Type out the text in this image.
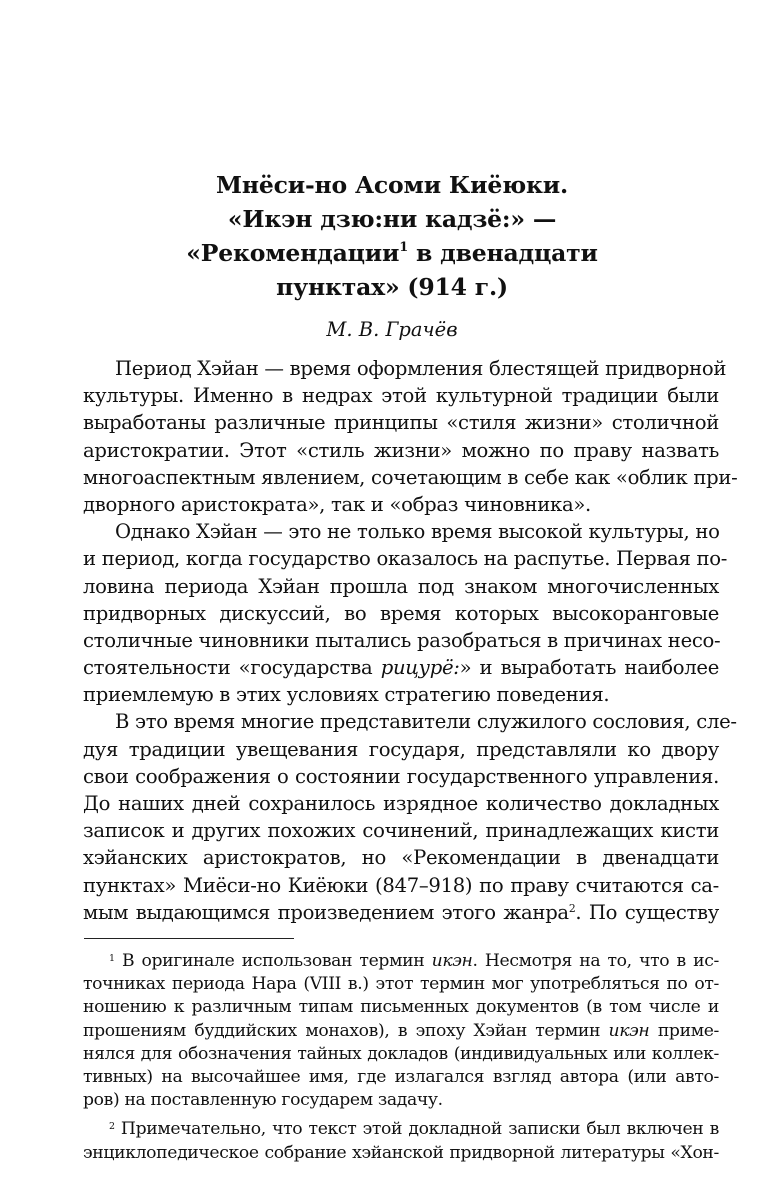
Мнёси-но Асоми Киёюки.
«Икэн дзю:ни кадзё:» —
«Рекомендации$^1$ в двенадцати
пунктах» (914 г.)
М. В. Грачёв
Период Хэйан — время оформления блестящей придворной
культуры. Именно в недрах этой культурной традиции были
выработаны различные принципы «стиля жизни» столичной
аристократии. Этот «стиль жизни» можно по праву назвать
многоаспектным явлением, сочетающим в себе как «облик при-
дворного аристократа», так и «образ чиновника».
Однако Хэйан — это не только время высокой культуры, но
и период, когда государство оказалось на распутье. Первая по-
ловина периода Хэйан прошла под знаком многочисленных
придворных дискуссий, во время которых высокоранговые
столичные чиновники пытались разобраться в причинах несо-
стоятельности «государства рицурё:» и выработать наиболее
приемлемую в этих условиях стратегию поведения.
В это время многие представители служилого сословия, сле-
дуя традиции увещевания государя, представляли ко двору
свои соображения о состоянии государственного управления.
До наших дней сохранилось изрядное количество докладных
записок и других похожих сочинений, принадлежащих кисти
хэйанских аристократов, но «Рекомендации в двенадцати
пунктах» Миёси-но Киёюки (847–918) по праву считаются са-
мым выдающимся произведением этого жанра$^2$. По существу
$^1$ В оригинале использован термин икэн. Несмотря на то, что в ис-
точниках периода Нара (VIII в.) этот термин мог употребляться по от-
ношению к различным типам письменных документов (в том числе и
прошениям буддийских монахов), в эпоху Хэйан термин икэн приме-
нялся для обозначения тайных докладов (индивидуальных или коллек-
тивных) на высочайшее имя, где излагался взгляд автора (или авто-
ров) на поставленную государем задачу.
$^2$ Примечательно, что текст этой докладной записки был включен в
энциклопедическое собрание хэйанской придворной литературы «Хон-
